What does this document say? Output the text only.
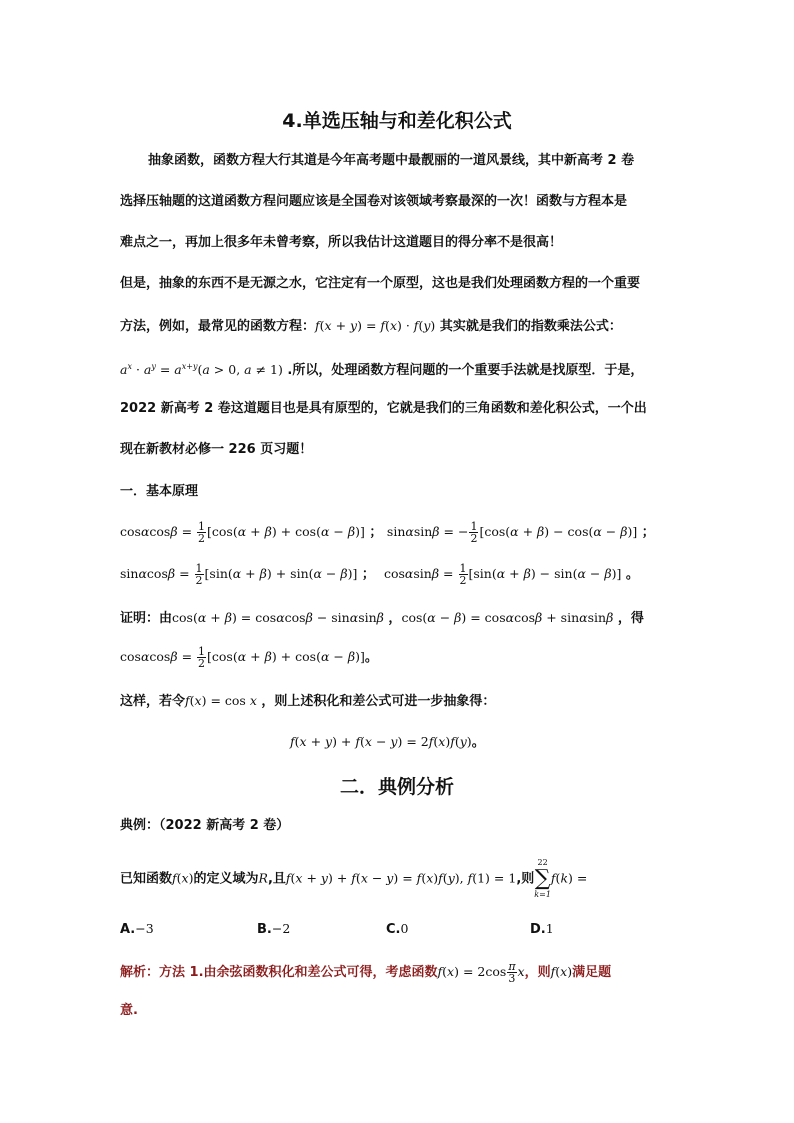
4.单选压轴与和差化积公式
抽象函数，函数方程大行其道是今年高考题中最靓丽的一道风景线，其中新高考 2 卷
选择压轴题的这道函数方程问题应该是全国卷对该领域考察最深的一次！函数与方程本是
难点之一，再加上很多年未曾考察，所以我估计这道题目的得分率不是很高！
但是，抽象的东西不是无源之水，它注定有一个原型，这也是我们处理函数方程的一个重要
方法，例如，最常见的函数方程：f(x + y) = f(x) · f(y) 其实就是我们的指数乘法公式：
$a^x \cdot a^y = a^{x+y}(a > 0$, a ≠ 1) .所以，处理函数方程问题的一个重要手法就是找原型．于是，
2022 新高考 2 卷这道题目也是具有原型的，它就是我们的三角函数和差化积公式，一个出
现在新教材必修一 226 页习题！
一．基本原理
$\cos\alpha\cos\beta = \frac{1}{2} [\cos(\alpha + \beta) + \cos(\alpha - \beta)]$ ； sinαsinβ = − $\frac{1}{2} [\cos(\alpha + \beta) - \cos(\alpha - \beta)]$ ；
$\sin\alpha\cos\beta = \frac{1}{2} [\sin(\alpha + \beta) + \sin(\alpha - \beta)]$ ；  $\cos\alpha\sin\beta = \frac{1}{2} [\sin(\alpha + \beta) - \sin(\alpha - \beta)]$ 。
证明：由cos(α + β) = cosαcosβ − sinαsinβ ，cos(α − β) = cosαcosβ + sinαsinβ ，得
$\cos\alpha\cos\beta = \frac{1}{2} [\cos(\alpha + \beta) + \cos(\alpha - \beta)]$。
这样，若令f(x) = cos x ，则上述积化和差公式可进一步抽象得：
f(x + y) + f(x − y) = 2f(x)f(y)。
二．典例分析
典例：（2022 新高考 2 卷）
已知函数f(x)的定义域为R,且f(x + y) + f(x − y) = f(x)f(y), f(1) = 1,则
22
∑
k=1
f(k) =
A.−3	B.−2	C.0	D.1
解析：方法 1.由余弦函数积化和差公式可得，考虑函数$f(x) = 2\cos \frac{\pi}{3}$ x，则f(x)满足题
意.
